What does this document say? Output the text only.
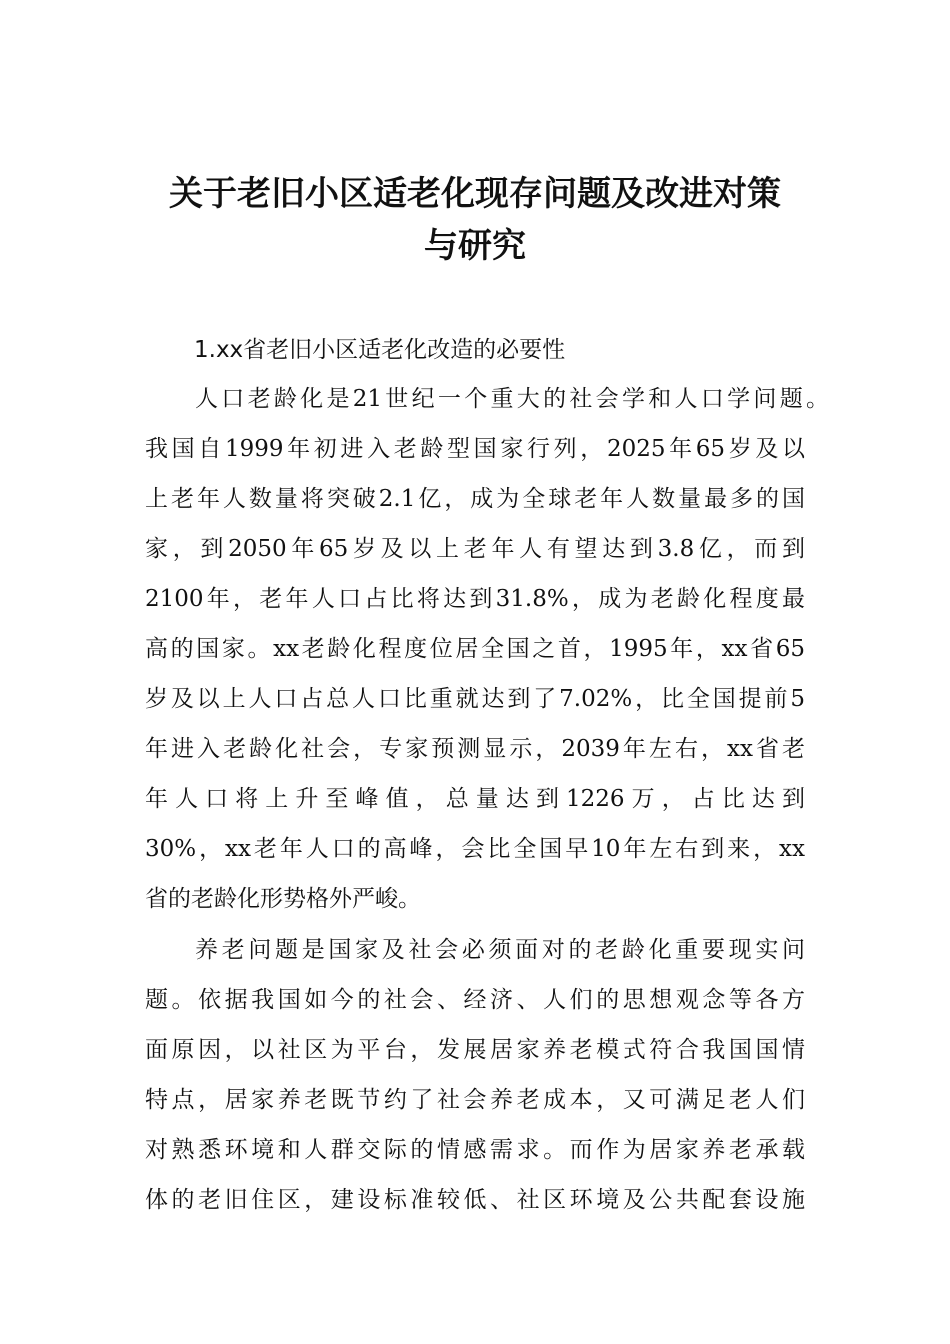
关于老旧小区适老化现存问题及改进对策
与研究
1.xx省老旧小区适老化改造的必要性

人口老龄化是21世纪一个重大的社会学和人口学问题。

我国自1999年初进入老龄型国家行列，2025年65岁及以

上老年人数量将突破2.1亿，成为全球老年人数量最多的国

家，到2050年65岁及以上老年人有望达到3.8亿，而到

2100年，老年人口占比将达到31.8%，成为老龄化程度最

高的国家。xx老龄化程度位居全国之首，1995年，xx省65

岁及以上人口占总人口比重就达到了7.02%，比全国提前5

年进入老龄化社会，专家预测显示，2039年左右，xx省老

年人口将上升至峰值，总量达到1226万，占比达到

30%，xx老年人口的高峰，会比全国早10年左右到来，xx

省的老龄化形势格外严峻。

养老问题是国家及社会必须面对的老龄化重要现实问

题。依据我国如今的社会、经济、人们的思想观念等各方

面原因，以社区为平台，发展居家养老模式符合我国国情

特点，居家养老既节约了社会养老成本，又可满足老人们

对熟悉环境和人群交际的情感需求。而作为居家养老承载

体的老旧住区，建设标准较低、社区环境及公共配套设施
